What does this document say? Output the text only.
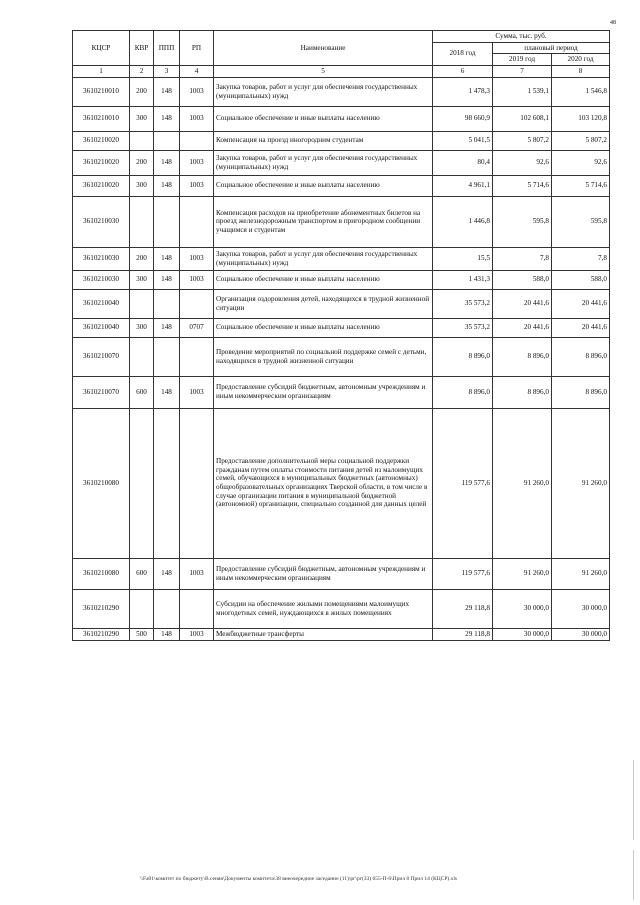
48
КЦСР	КВР	ППП	РП	Наименование	Сумма, тыс. руб.		
					2018 год	плановый период	
						2019 год	2020 год
1	2	3	4	5	6	7	8
3610210010	200	148	1003	Закупка товаров, работ и услуг для обеспечения государственных (муниципальных) нужд	1 478,3	1 539,1	1 546,8
3610210010	300	148	1003	Социальное обеспечение и иные выплаты населению	98 660,9	102 608,1	103 120,8
3610210020				Компенсация на проезд иногородним студентам	5 041,5	5 807,2	5 807,2
3610210020	200	148	1003	Закупка товаров, работ и услуг для обеспечения государственных (муниципальных) нужд	80,4	92,6	92,6
3610210020	300	148	1003	Социальное обеспечение и иные выплаты населению	4 961,1	5 714,6	5 714,6
3610210030				Компенсация расходов на приобретение абонементных билетов на проезд железнодорожным транспортом в пригородном сообщении учащимся и студентам	1 446,8	595,8	595,8
3610210030	200	148	1003	Закупка товаров, работ и услуг для обеспечения государственных (муниципальных) нужд	15,5	7,8	7,8
3610210030	300	148	1003	Социальное обеспечение и иные выплаты населению	1 431,3	588,0	588,0
3610210040				Организация оздоровления детей, находящихся в трудной жизненной ситуации	35 573,2	20 441,6	20 441,6
3610210040	300	148	0707	Социальное обеспечение и иные выплаты населению	35 573,2	20 441,6	20 441,6
3610210070				Проведение мероприятий по социальной поддержке семей с детьми, находящихся в трудной жизненной ситуации	8 896,0	8 896,0	8 896,0
3610210070	600	148	1003	Предоставление субсидий бюджетным, автономным учреждениям и иным некоммерческим организациям	8 896,0	8 896,0	8 896,0
3610210080				Предоставление дополнительной меры социальной поддержки гражданам путем оплаты стоимости питания детей из малоимущих семей, обучающихся в муниципальных бюджетных (автономных) общеобразовательных организациях Тверской области, в том числе в случае организации питания в муниципальной бюджетной (автономной) организации, специально созданной для данных целей	119 577,6	91 260,0	91 260,0
3610210080	600	148	1003	Предоставление субсидий бюджетным, автономным учреждениям и иным некоммерческим организациям	119 577,6	91 260,0	91 260,0
3610210290				Субсидии на обеспечение жилыми помещениями малоимущих многодетных семей, нуждающихся в жилых помещениях	29 118,8	30 000,0	30 000,0
3610210290	500	148	1003	Межбюджетные трансферты	29 118,8	30 000,0	30 000,0
\\Fa01\комитет по бюджету\В.сеняя\Документы комитета\38 внеочередное заседание (11)\рг\рг(33) 655-П-6\Прил 8 Прил 14 (КЦСР).xls
